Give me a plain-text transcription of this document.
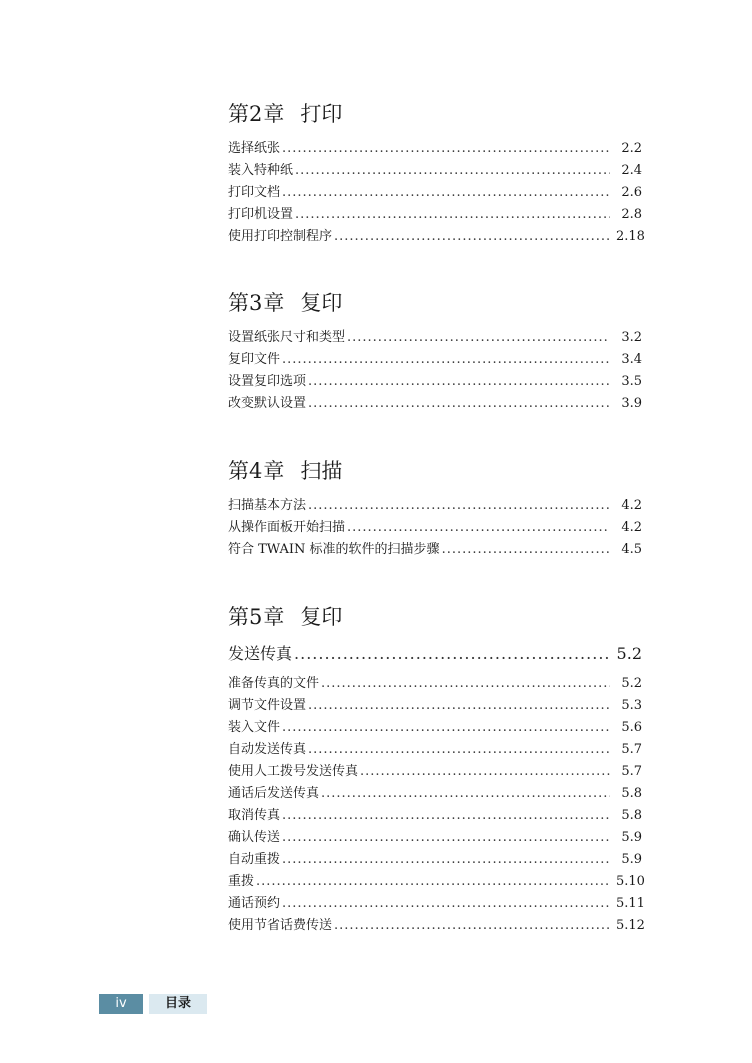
第2章 打印
选择纸张 .....	2.2
装入特种纸 .....	2.4
打印文档 .....	2.6
打印机设置 .....	2.8
使用打印控制程序 .....	2.18
第3章 复印
设置纸张尺寸和类型 .....	3.2
复印文件 .....	3.4
设置复印选项 .....	3.5
改变默认设置 .....	3.9
第4章 扫描
扫描基本方法 .....	4.2
从操作面板开始扫描 .....	4.2
符合 TWAIN 标准的软件的扫描步骤 .....	4.5
第5章 复印
发送传真 .....	5.2
准备传真的文件 .....	5.2
调节文件设置 .....	5.3
装入文件 .....	5.6
自动发送传真 .....	5.7
使用人工拨号发送传真 .....	5.7
通话后发送传真 .....	5.8
取消传真 .....	5.8
确认传送 .....	5.9
自动重拨 .....	5.9
重拨 .....	5.10
通话预约 .....	5.11
使用节省话费传送 .....	5.12
iv	目录
